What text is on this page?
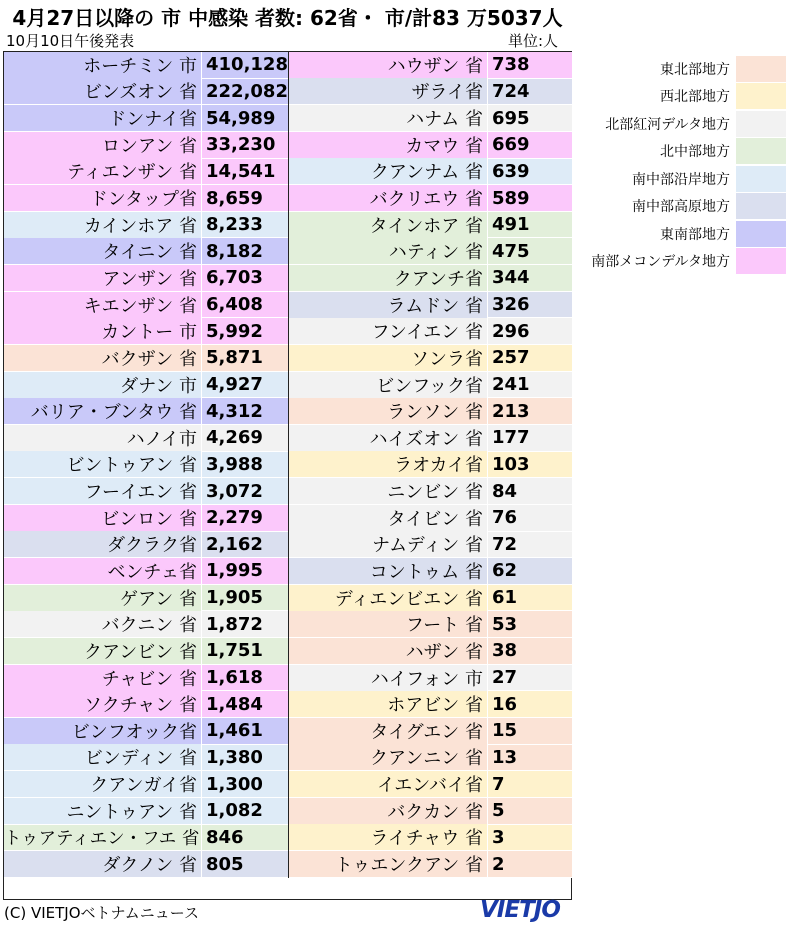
4月27日以降の 市 中感染 者数: 62省・ 市/計83 万5037人
10月10日午後発表	単位:人
ホーチミン 市 410,128
ビンズオン 省 222,082
ドンナイ省 54,989
ロンアン 省 33,230
ティエンザン 省 14,541
ドンタップ省 8,659
カインホア 省 8,233
タイニン 省 8,182
アンザン 省 6,703
キエンザン 省 6,408
カントー 市 5,992
バクザン 省 5,871
ダナン 市 4,927
バリア・ブンタウ 省 4,312
ハノイ市 4,269
ビントゥアン 省 3,988
フーイエン 省 3,072
ビンロン 省 2,279
ダクラク省 2,162
ベンチェ省 1,995
ゲアン 省 1,905
バクニン 省 1,872
クアンビン 省 1,751
チャビン 省 1,618
ソクチャン 省 1,484
ビンフオック省 1,461
ビンディン 省 1,380
クアンガイ省 1,300
ニントゥアン 省 1,082
トゥアティエン・フエ 省 846
ダクノン 省 805
ハウザン 省 738
ザライ省 724
ハナム 省 695
カマウ 省 669
クアンナム 省 639
バクリエウ 省 589
タインホア 省 491
ハティン 省 475
クアンチ省 344
ラムドン 省 326
フンイエン 省 296
ソンラ省 257
ビンフック省 241
ランソン 省 213
ハイズオン 省 177
ラオカイ省 103
ニンビン 省 84
タイビン 省 76
ナムディン 省 72
コントゥム 省 62
ディエンビエン 省 61
フート 省 53
ハザン 省 38
ハイフォン 市 27
ホアビン 省 16
タイグエン 省 15
クアンニン 省 13
イエンバイ省 7
バクカン 省 5
ライチャウ 省 3
トゥエンクアン 省 2
東北部地方
西北部地方
北部紅河デルタ地方
北中部地方
南中部沿岸地方
南中部高原地方
東南部地方
南部メコンデルタ地方
(C) VIETJOベトナムニュース	VIETJO
